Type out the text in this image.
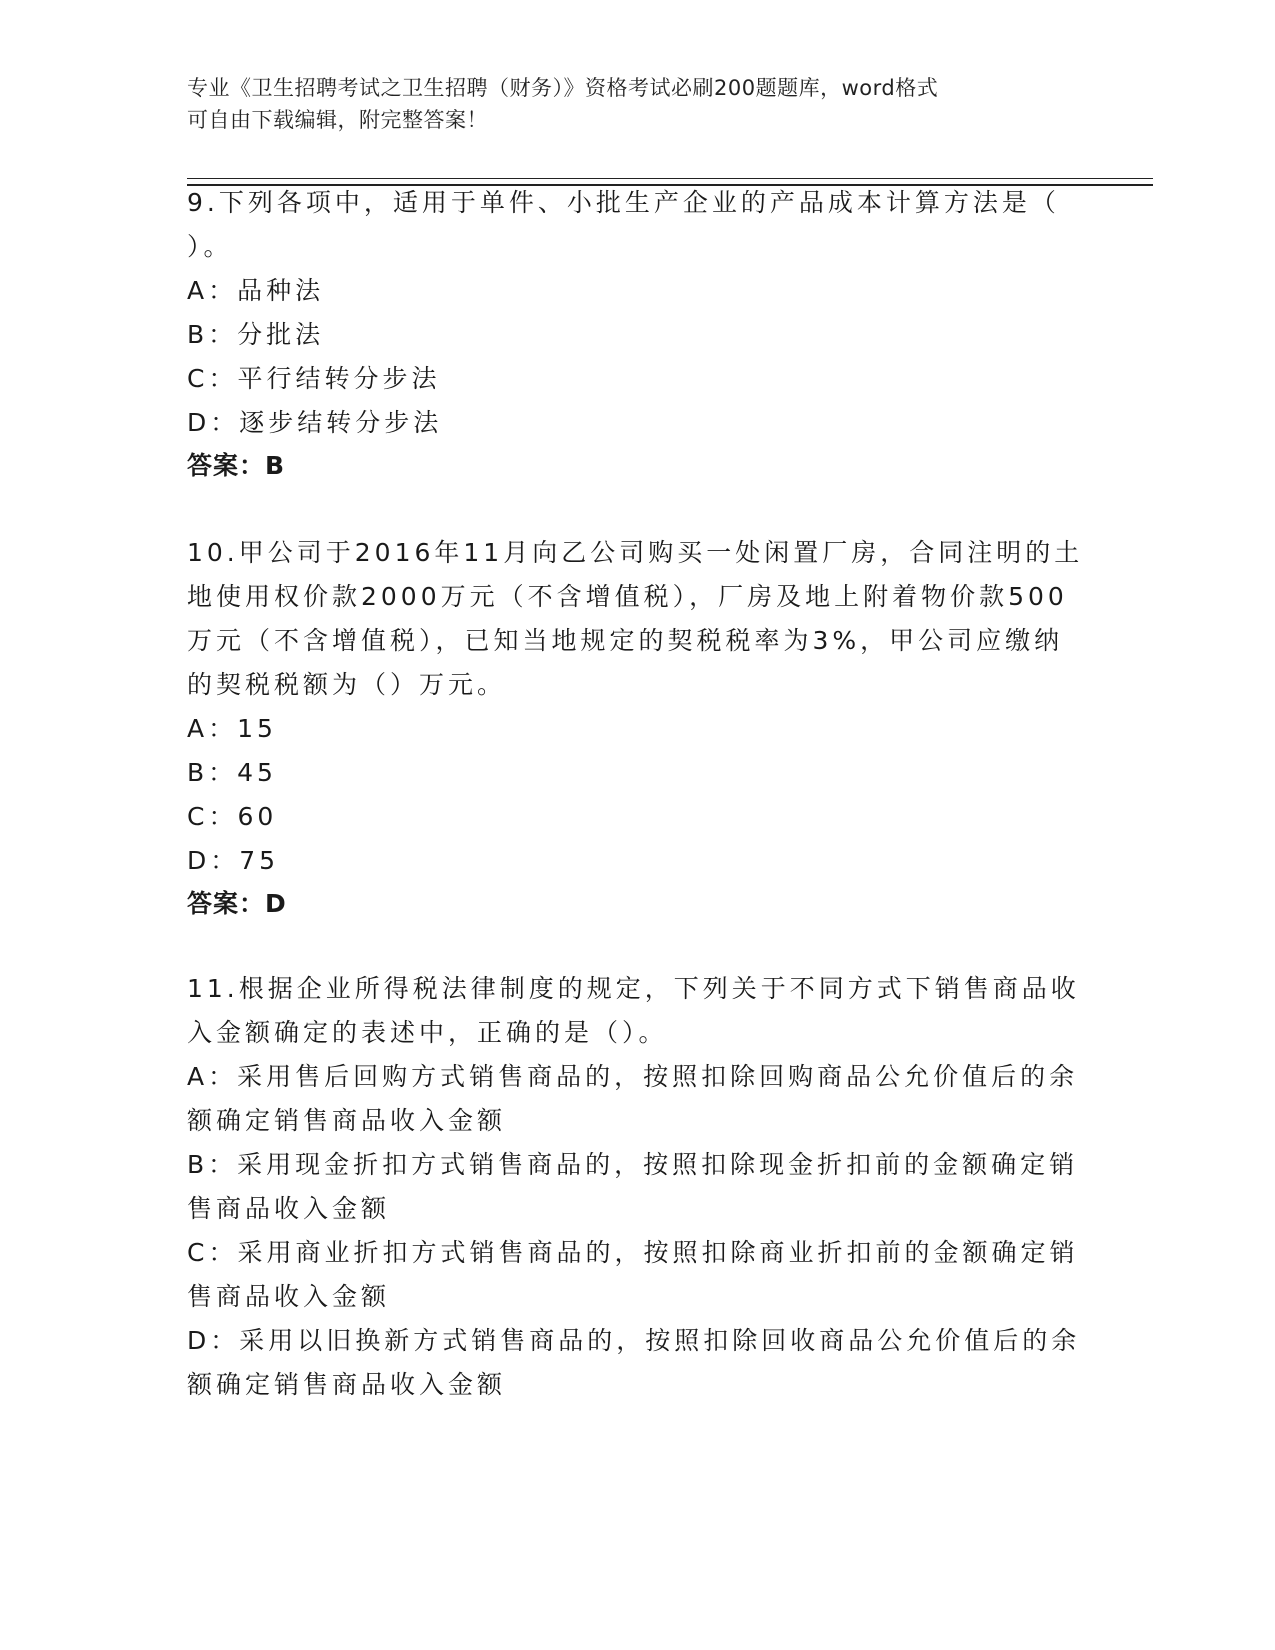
专业《卫生招聘考试之卫生招聘（财务）》资格考试必刷200题题库，word格式
可自由下载编辑，附完整答案！
9.下列各项中，适用于单件、小批生产企业的产品成本计算方法是（
）。
A：品种法
B：分批法
C：平行结转分步法
D：逐步结转分步法
答案：B
10.甲公司于2016年11月向乙公司购买一处闲置厂房，合同注明的土
地使用权价款2000万元（不含增值税），厂房及地上附着物价款500
万元（不含增值税），已知当地规定的契税税率为3%，甲公司应缴纳
的契税税额为（）万元。
A：15
B：45
C：60
D：75
答案：D
11.根据企业所得税法律制度的规定，下列关于不同方式下销售商品收
入金额确定的表述中，正确的是（）。
A：采用售后回购方式销售商品的，按照扣除回购商品公允价值后的余
额确定销售商品收入金额
B：采用现金折扣方式销售商品的，按照扣除现金折扣前的金额确定销
售商品收入金额
C：采用商业折扣方式销售商品的，按照扣除商业折扣前的金额确定销
售商品收入金额
D：采用以旧换新方式销售商品的，按照扣除回收商品公允价值后的余
额确定销售商品收入金额
